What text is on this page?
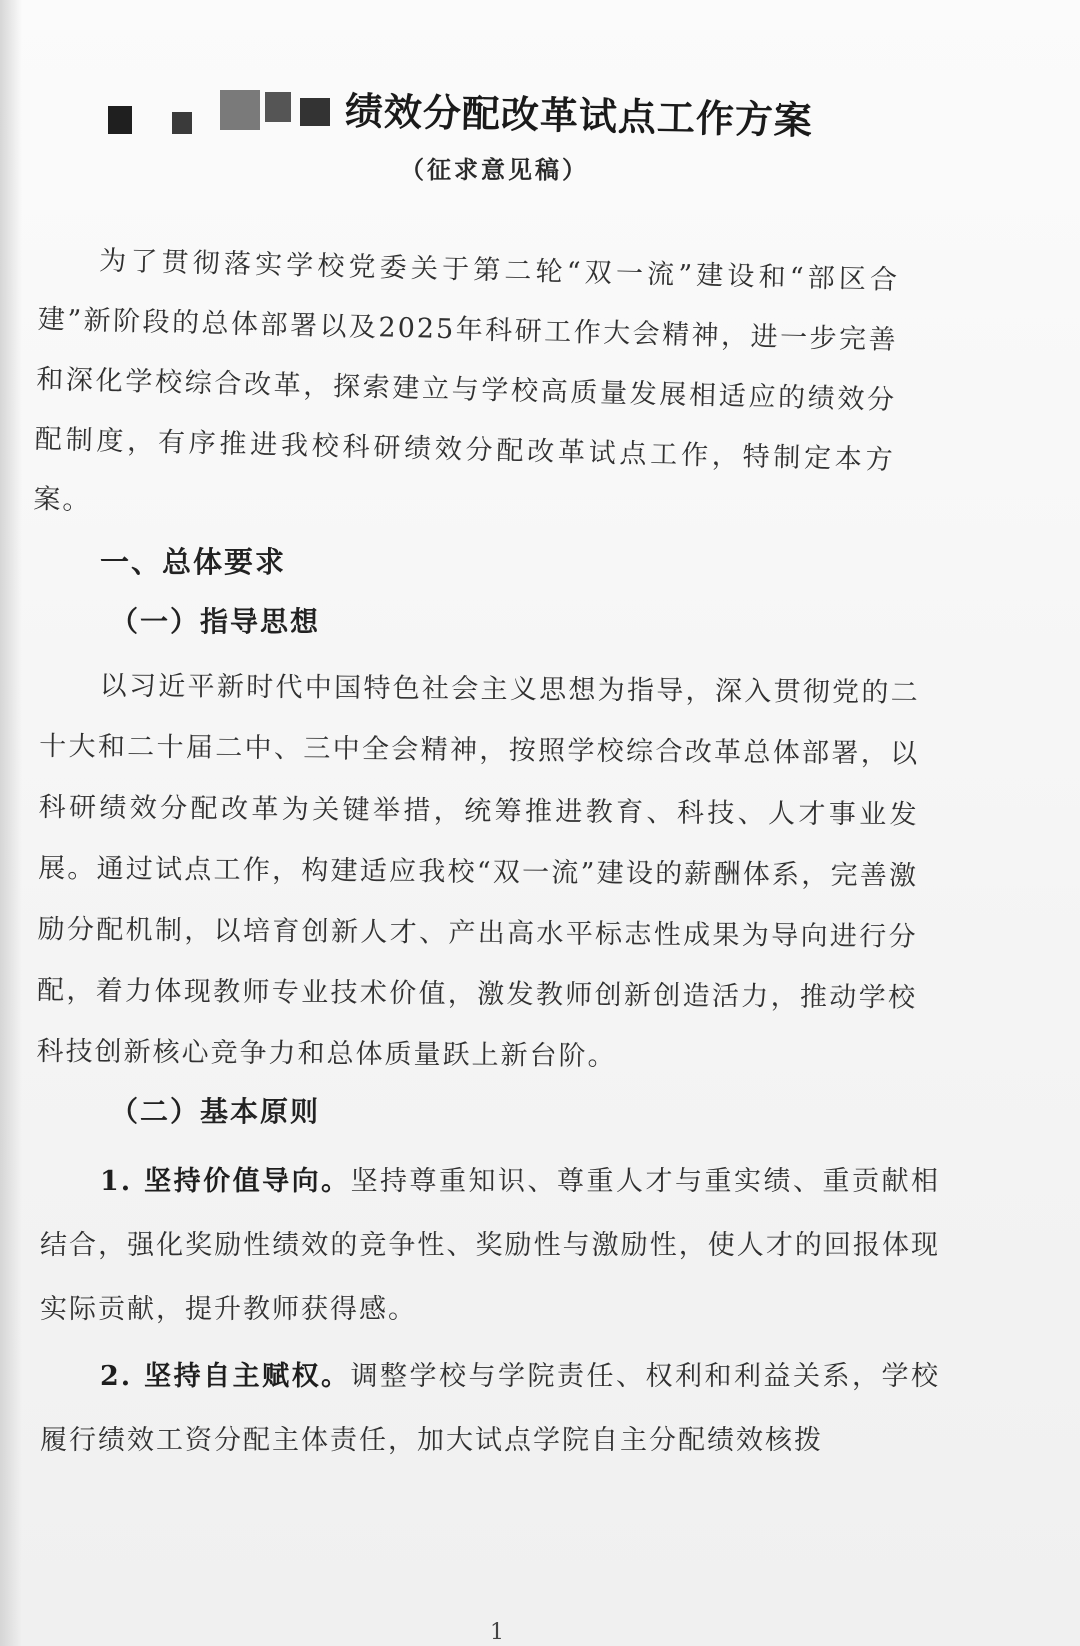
绩效分配改革试点工作方案
（征求意见稿）
为了贯彻落实学校党委关于第二轮“双一流”建设和“部区合建”新阶段的总体部署以及2025年科研工作大会精神，进一步完善和深化学校综合改革，探索建立与学校高质量发展相适应的绩效分配制度，有序推进我校科研绩效分配改革试点工作，特制定本方案。
一、总体要求
（一）指导思想
以习近平新时代中国特色社会主义思想为指导，深入贯彻党的二十大和二十届二中、三中全会精神，按照学校综合改革总体部署，以科研绩效分配改革为关键举措，统筹推进教育、科技、人才事业发展。通过试点工作，构建适应我校“双一流”建设的薪酬体系，完善激励分配机制，以培育创新人才、产出高水平标志性成果为导向进行分配，着力体现教师专业技术价值，激发教师创新创造活力，推动学校科技创新核心竞争力和总体质量跃上新台阶。
（二）基本原则
1. 坚持价值导向。坚持尊重知识、尊重人才与重实绩、重贡献相结合，强化奖励性绩效的竞争性、奖励性与激励性，使人才的回报体现实际贡献，提升教师获得感。
2. 坚持自主赋权。调整学校与学院责任、权利和利益关系，学校履行绩效工资分配主体责任，加大试点学院自主分配绩效核拨
1
